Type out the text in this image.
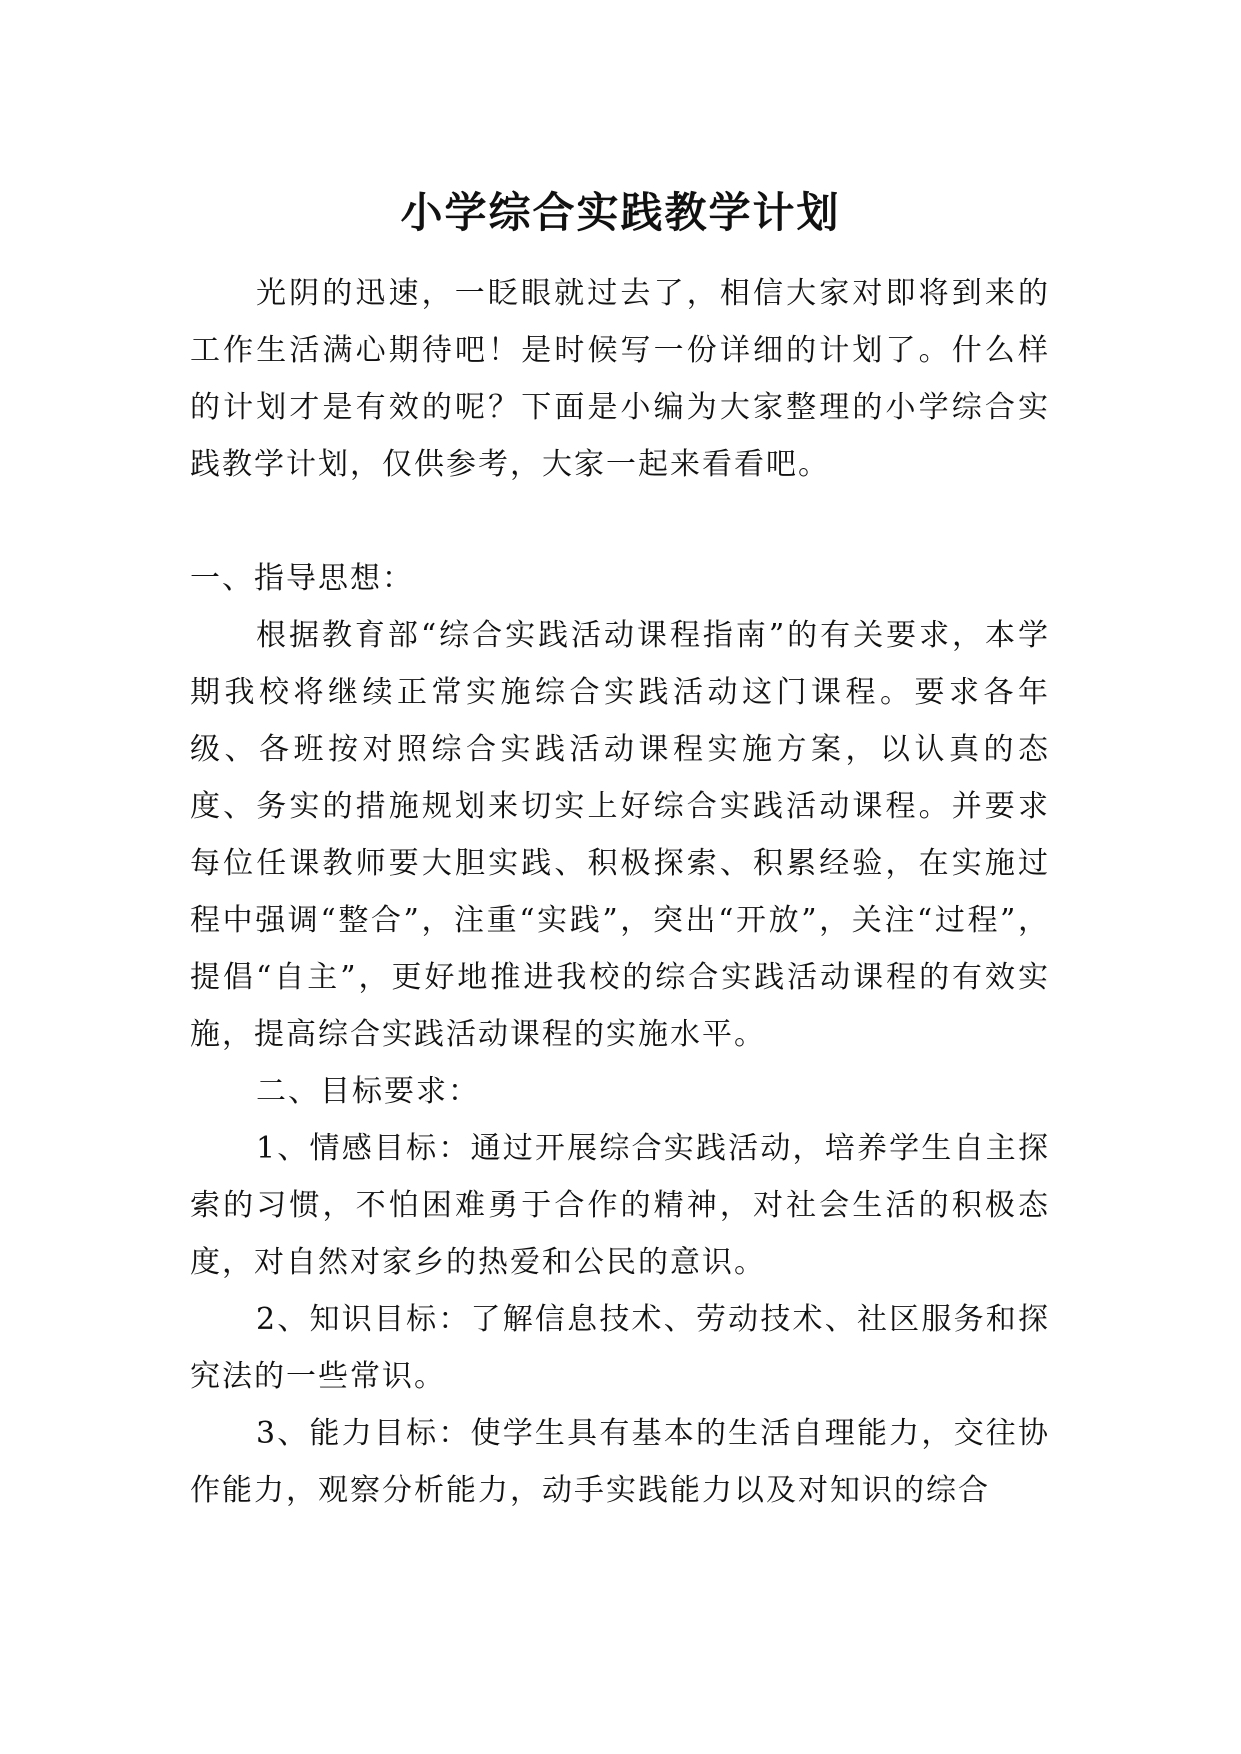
小学综合实践教学计划

光阴的迅速，一眨眼就过去了，相信大家对即将到来的工作生活满心期待吧！是时候写一份详细的计划了。什么样的计划才是有效的呢？下面是小编为大家整理的小学综合实践教学计划，仅供参考，大家一起来看看吧。

一、指导思想：

根据教育部“综合实践活动课程指南”的有关要求，本学期我校将继续正常实施综合实践活动这门课程。要求各年级、各班按对照综合实践活动课程实施方案，以认真的态度、务实的措施规划来切实上好综合实践活动课程。并要求每位任课教师要大胆实践、积极探索、积累经验，在实施过程中强调“整合”，注重“实践”，突出“开放”，关注“过程”，提倡“自主”，更好地推进我校的综合实践活动课程的有效实施，提高综合实践活动课程的实施水平。

二、目标要求：

1、情感目标：通过开展综合实践活动，培养学生自主探索的习惯，不怕困难勇于合作的精神，对社会生活的积极态度，对自然对家乡的热爱和公民的意识。

2、知识目标：了解信息技术、劳动技术、社区服务和探究法的一些常识。

3、能力目标：使学生具有基本的生活自理能力，交往协作能力，观察分析能力，动手实践能力以及对知识的综合
